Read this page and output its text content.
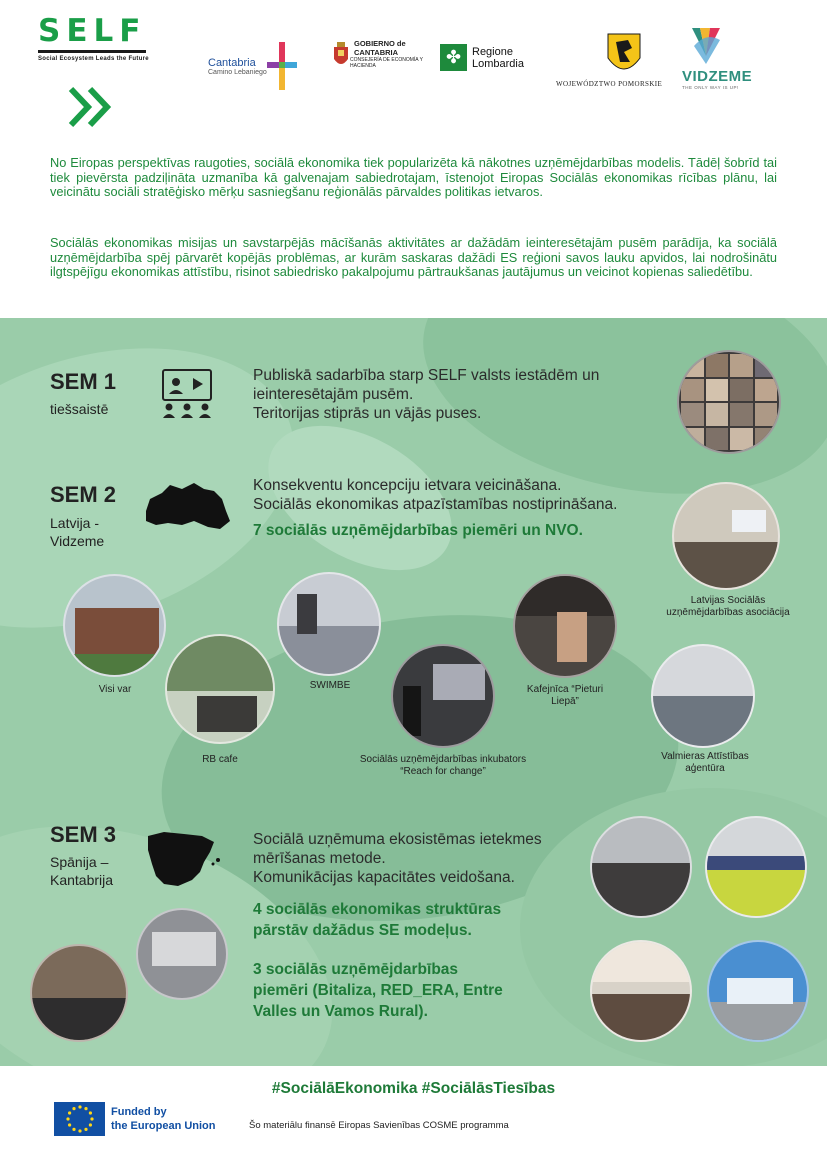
SELF
Social Ecosystem Leads the Future	Cantabria
Camino Lebaniego
GOBIERNO de CANTABRIA
CONSEJERÍA DE ECONOMÍA Y HACIENDA	✤ Regione Lombardia
WOJEWÓDZTWO POMORSKIE VIDZEME
THE ONLY WAY IS UP!

No Eiropas perspektīvas raugoties, sociālā ekonomika tiek popularizēta kā nākotnes uzņēmējdarbības modelis. Tādēļ šobrīd tai tiek pievērsta padziļināta uzmanība kā galvenajam sabiedrotajam, īstenojot Eiropas Sociālās ekonomikas rīcības plānu, lai veicinātu sociāli stratēģisko mērķu sasniegšanu reģionālās pārvaldes politikas ietvaros.

Sociālās ekonomikas misijas un savstarpējās mācīšanās aktivitātes ar dažādām ieinteresētajām pusēm parādīja, ka sociālā uzņēmējdarbība spēj pārvarēt kopējās problēmas, ar kurām saskaras dažādi ES reģioni savos lauku apvidos, lai nodrošinātu ilgtspējīgu ekonomikas attīstību, risinot sabiedrisko pakalpojumu pārtraukšanas jautājumus un veicinot kopienas saliedētību.

SEM 1
tiešsaistē
Publiskā sadarbība starp SELF valsts iestādēm un
ieinteresētajām pusēm.
Teritorijas stiprās un vājās puses.
SEM 2
Latvija -
Vidzeme
Konsekventu koncepciju ietvara veicināšana.
Sociālās ekonomikas atpazīstamības nostiprināšana.
7 sociālās uzņēmējdarbības piemēri un NVO.
Latvijas Sociālās
uzņēmējdarbības asociācija
Visi var
RB cafe
SWIMBE
Sociālās uzņēmējdarbības inkubators
“Reach for change”
Kafejnīca “Pieturi
Liepā”
Valmieras Attīstības
aģentūra
SEM 3
Spānija –
Kantabrija
Sociālā uzņēmuma ekosistēmas ietekmes
mērīšanas metode.
Komunikācijas kapacitātes veidošana.
4 sociālās ekonomikas struktūras
pārstāv dažādus SE modeļus.
3 sociālās uzņēmējdarbības
piemēri (Bitaliza, RED_ERA, Entre
Valles un Vamos Rural).
#SociālāEkonomika #SociālāsTiesības
Funded by
the European Union	Šo materiālu finansē Eiropas Savienības COSME programma
